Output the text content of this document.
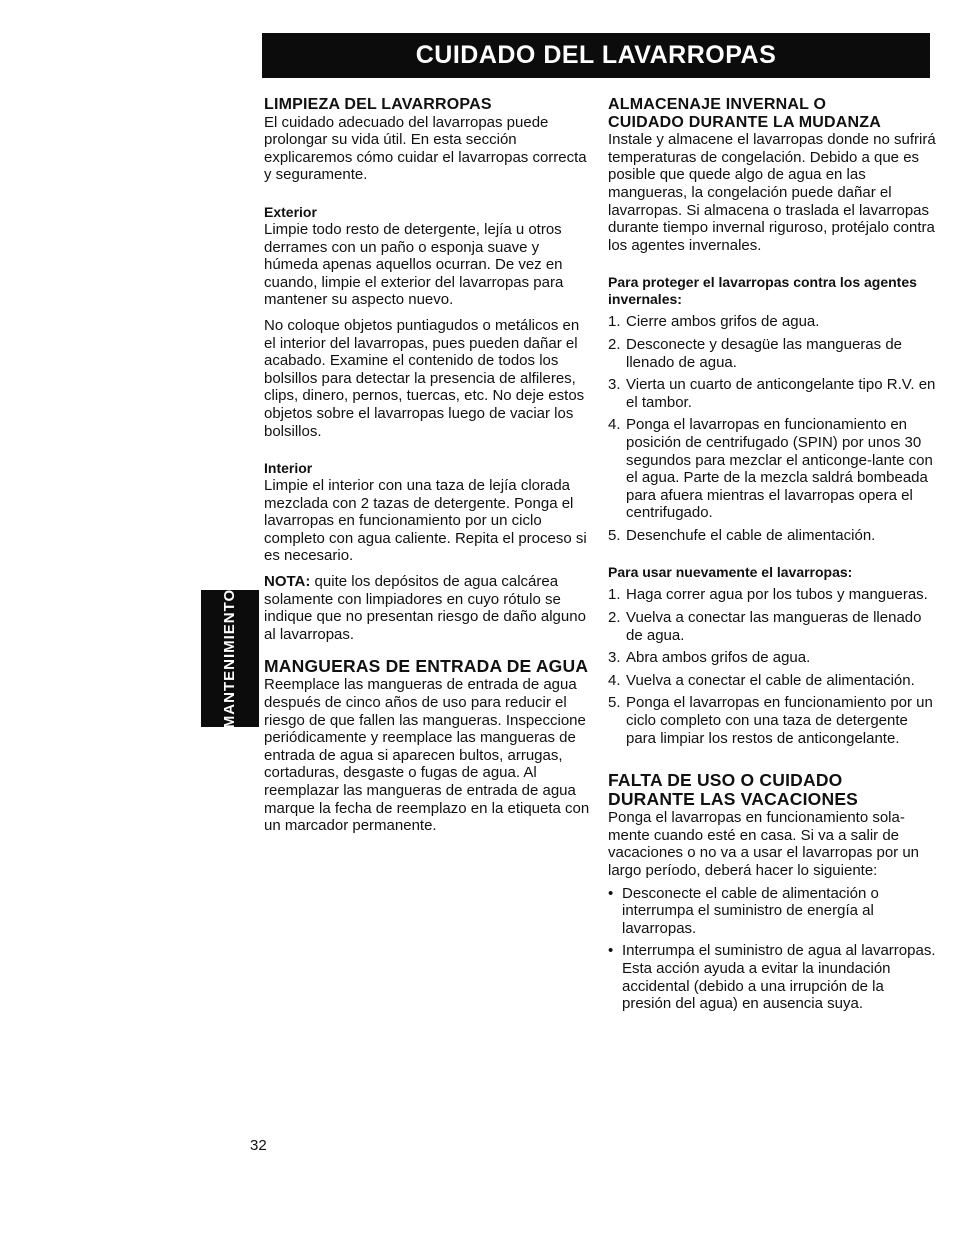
CUIDADO DEL LAVARROPAS
MANTENIMIENTO
LIMPIEZA DEL LAVARROPAS

El cuidado adecuado del lavarropas puede prolongar su vida útil. En esta sección explicaremos cómo cuidar el lavarropas correcta y seguramente.

Exterior

Limpie todo resto de detergente, lejía u otros derrames con un paño o esponja suave y húmeda apenas aquellos ocurran. De vez en cuando, limpie el exterior del lavarropas para mantener su aspecto nuevo.

No coloque objetos puntiagudos o metálicos en el interior del lavarropas, pues pueden dañar el acabado. Examine el contenido de todos los bolsillos para detectar la presencia de alfileres, clips, dinero, pernos, tuercas, etc. No deje estos objetos sobre el lavarropas luego de vaciar los bolsillos.

Interior

Limpie el interior con una taza de lejía clorada mezclada con 2 tazas de detergente. Ponga el lavarropas en funcionamiento por un ciclo completo con agua caliente. Repita el proceso si es necesario.

NOTA: quite los depósitos de agua calcárea solamente con limpiadores en cuyo rótulo se indique que no presentan riesgo de daño alguno al lavarropas.

MANGUERAS DE ENTRADA DE AGUA

Reemplace las mangueras de entrada de agua después de cinco años de uso para reducir el riesgo de que fallen las mangueras. Inspeccione periódicamente y reemplace las mangueras de entrada de agua si aparecen bultos, arrugas, cortaduras, desgaste o fugas de agua. Al reemplazar las mangueras de entrada de agua marque la fecha de reemplazo en la etiqueta con un marcador permanente.

ALMACENAJE INVERNAL O
CUIDADO DURANTE LA MUDANZA

Instale y almacene el lavarropas donde no sufrirá temperaturas de congelación. Debido a que es posible que quede algo de agua en las mangueras, la congelación puede dañar el lavarropas. Si almacena o traslada el lavarropas durante tiempo invernal riguroso, protéjalo contra los agentes invernales.

Para proteger el lavarropas contra los agentes invernales:
1. Cierre ambos grifos de agua.
2. Desconecte y desagüe las mangueras de llenado de agua.
3. Vierta un cuarto de anticongelante tipo R.V. en el tambor.
4. Ponga el lavarropas en funcionamiento en posición de centrifugado (SPIN) por unos 30 segundos para mezclar el anticonge-lante con el agua. Parte de la mezcla saldrá bombeada para afuera mientras el lavarropas opera el centrifugado.
5. Desenchufe el cable de alimentación.
Para usar nuevamente el lavarropas:
1. Haga correr agua por los tubos y mangueras.
2. Vuelva a conectar las mangueras de llenado de agua.
3. Abra ambos grifos de agua.
4. Vuelva a conectar el cable de alimentación.
5. Ponga el lavarropas en funcionamiento por un ciclo completo con una taza de detergente para limpiar los restos de anticongelante.
FALTA DE USO O CUIDADO
DURANTE LAS VACACIONES

Ponga el lavarropas en funcionamiento sola-mente cuando esté en casa. Si va a salir de vacaciones o no va a usar el lavarropas por un largo período, deberá hacer lo siguiente:

• Desconecte el cable de alimentación o interrumpa el suministro de energía al lavarropas.
• Interrumpa el suministro de agua al lavarropas. Esta acción ayuda a evitar la inundación accidental (debido a una irrupción de la presión del agua) en ausencia suya.
32
